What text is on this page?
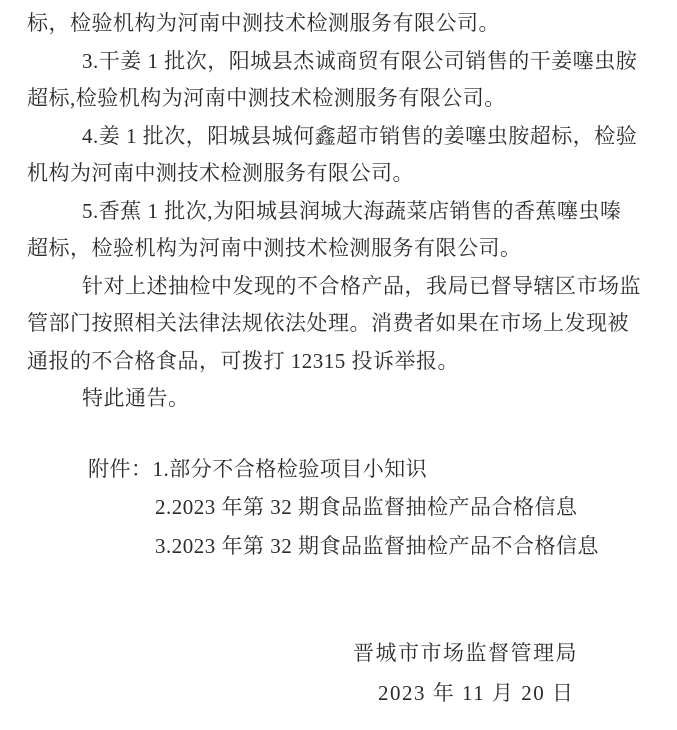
标，检验机构为河南中测技术检测服务有限公司。
3.干姜 1 批次，阳城县杰诚商贸有限公司销售的干姜噻虫胺
超标,检验机构为河南中测技术检测服务有限公司。
4.姜 1 批次，阳城县城何鑫超市销售的姜噻虫胺超标，检验
机构为河南中测技术检测服务有限公司。
5.香蕉 1 批次,为阳城县润城大海蔬菜店销售的香蕉噻虫嗪
超标，检验机构为河南中测技术检测服务有限公司。
针对上述抽检中发现的不合格产品，我局已督导辖区市场监
管部门按照相关法律法规依法处理。消费者如果在市场上发现被
通报的不合格食品，可拨打 12315 投诉举报。
特此通告。
附件：1.部分不合格检验项目小知识
2.2023 年第 32 期食品监督抽检产品合格信息
3.2023 年第 32 期食品监督抽检产品不合格信息
晋城市市场监督管理局
2023 年 11 月 20 日
